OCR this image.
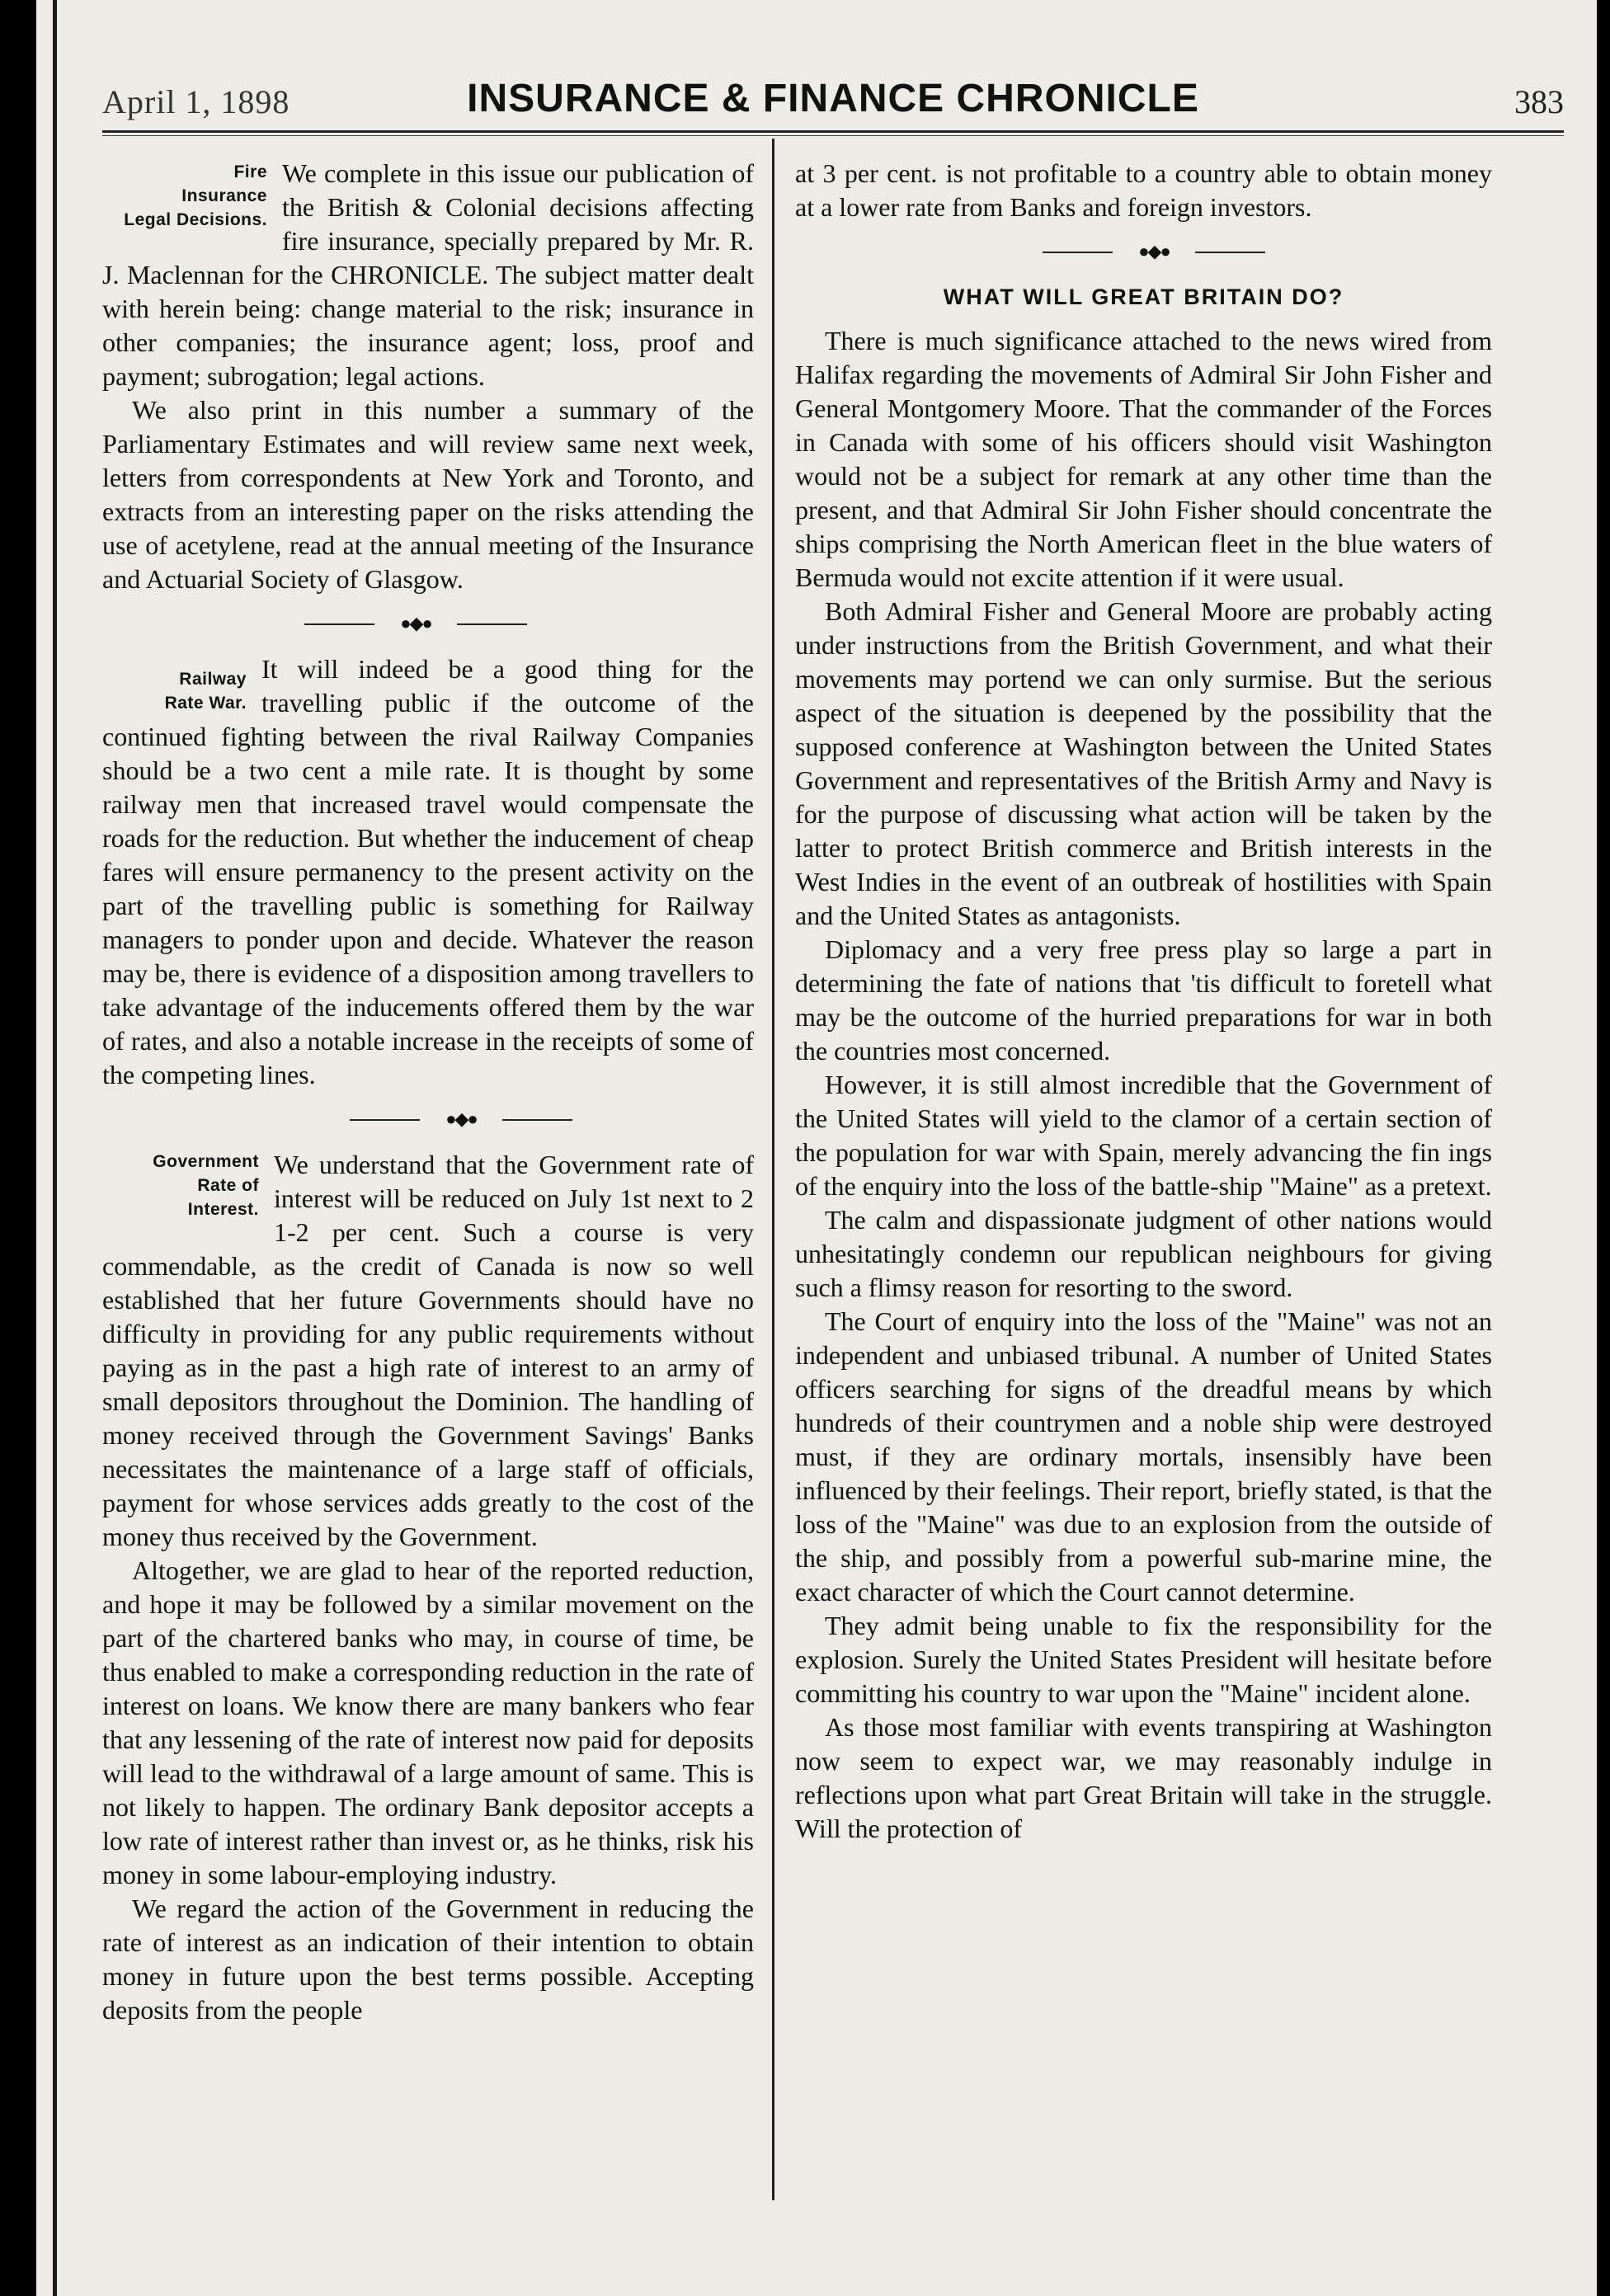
April 1, 1898	INSURANCE & FINANCE CHRONICLE	383
Fire
Insurance
Legal Decisions.

We complete in this issue our publication of the British & Colonial decisions affecting fire insurance, specially prepared by Mr. R. J. Maclennan for the CHRONICLE. The subject matter dealt with herein being: change material to the risk; insurance in other companies; the insurance agent; loss, proof and payment; subrogation; legal actions.

We also print in this number a summary of the Parliamentary Estimates and will review same next week, letters from correspondents at New York and Toronto, and extracts from an interesting paper on the risks attending the use of acetylene, read at the annual meeting of the Insurance and Actuarial Society of Glasgow.

●◆●
Railway
Rate War.

It will indeed be a good thing for the travelling public if the outcome of the continued fighting between the rival Railway Companies should be a two cent a mile rate. It is thought by some railway men that increased travel would compensate the roads for the reduction. But whether the inducement of cheap fares will ensure permanency to the present activity on the part of the travelling public is something for Railway managers to ponder upon and decide. Whatever the reason may be, there is evidence of a disposition among travellers to take advantage of the inducements offered them by the war of rates, and also a notable increase in the receipts of some of the competing lines.

●◆●
Government
Rate of
Interest.

We understand that the Government rate of interest will be reduced on July 1st next to 2 1-2 per cent. Such a course is very commendable, as the credit of Canada is now so well established that her future Governments should have no difficulty in providing for any public requirements without paying as in the past a high rate of interest to an army of small depositors throughout the Dominion. The handling of money received through the Government Savings' Banks necessitates the maintenance of a large staff of officials, payment for whose services adds greatly to the cost of the money thus received by the Government.

Altogether, we are glad to hear of the reported reduction, and hope it may be followed by a similar movement on the part of the chartered banks who may, in course of time, be thus enabled to make a corresponding reduction in the rate of interest on loans. We know there are many bankers who fear that any lessening of the rate of interest now paid for deposits will lead to the withdrawal of a large amount of same. This is not likely to happen. The ordinary Bank depositor accepts a low rate of interest rather than invest or, as he thinks, risk his money in some labour-employing industry.

We regard the action of the Government in reducing the rate of interest as an indication of their intention to obtain money in future upon the best terms possible. Accepting deposits from the people

at 3 per cent. is not profitable to a country able to obtain money at a lower rate from Banks and foreign investors.

●◆●
WHAT WILL GREAT BRITAIN DO?

There is much significance attached to the news wired from Halifax regarding the movements of Admiral Sir John Fisher and General Montgomery Moore. That the commander of the Forces in Canada with some of his officers should visit Washington would not be a subject for remark at any other time than the present, and that Admiral Sir John Fisher should concentrate the ships comprising the North American fleet in the blue waters of Bermuda would not excite attention if it were usual.

Both Admiral Fisher and General Moore are probably acting under instructions from the British Government, and what their movements may portend we can only surmise. But the serious aspect of the situation is deepened by the possibility that the supposed conference at Washington between the United States Government and representatives of the British Army and Navy is for the purpose of discussing what action will be taken by the latter to protect British commerce and British interests in the West Indies in the event of an outbreak of hostilities with Spain and the United States as antagonists.

Diplomacy and a very free press play so large a part in determining the fate of nations that 'tis difficult to foretell what may be the outcome of the hurried preparations for war in both the countries most concerned.

However, it is still almost incredible that the Government of the United States will yield to the clamor of a certain section of the population for war with Spain, merely advancing the fin ings of the enquiry into the loss of the battle-ship "Maine" as a pretext.

The calm and dispassionate judgment of other nations would unhesitatingly condemn our republican neighbours for giving such a flimsy reason for resorting to the sword.

The Court of enquiry into the loss of the "Maine" was not an independent and unbiased tribunal. A number of United States officers searching for signs of the dreadful means by which hundreds of their countrymen and a noble ship were destroyed must, if they are ordinary mortals, insensibly have been influenced by their feelings. Their report, briefly stated, is that the loss of the "Maine" was due to an explosion from the outside of the ship, and possibly from a powerful sub-marine mine, the exact character of which the Court cannot determine.

They admit being unable to fix the responsibility for the explosion. Surely the United States President will hesitate before committing his country to war upon the "Maine" incident alone.

As those most familiar with events transpiring at Washington now seem to expect war, we may reasonably indulge in reflections upon what part Great Britain will take in the struggle. Will the protection of
